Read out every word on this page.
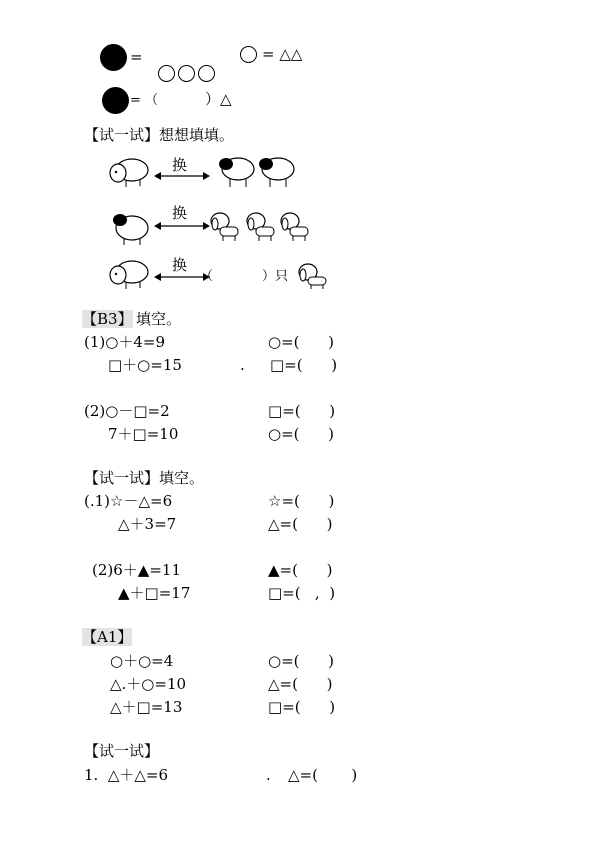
=

	= △△
= （	）△
【试一试】想想填填。
换
换
换
（	）只
【B3】 填空。
(1)○＋4=9	○=(      )
□＋○=15	. □=(      )
(2)○－□=2	□=(      )
7＋□=10	○=(      )
【试一试】填空。
(.1)☆－△=6	☆=(      )
△＋3=7	△=(      )
(2)6＋▲=11	▲=(      )
▲＋□=17	□=(   ,  )
【A1】
○＋○=4	○=(      )
△.＋○=10	△=(      )
△＋□=13	□=(      )
【试一试】
1.  △＋△=6	. △=(       )
